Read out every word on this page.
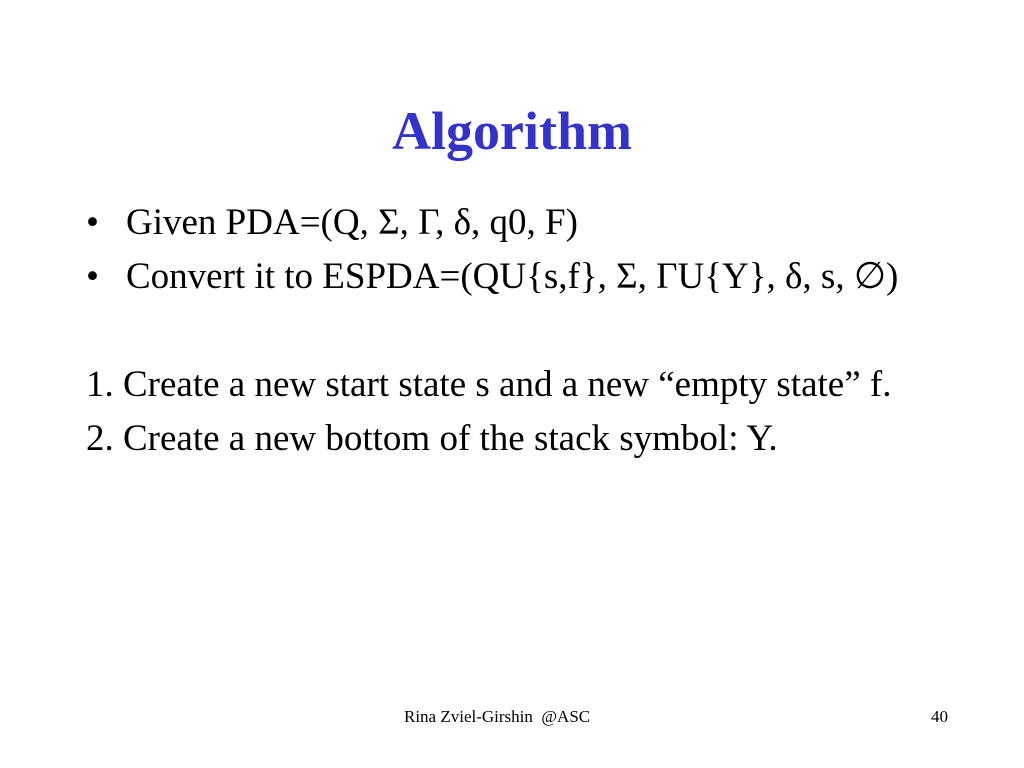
Algorithm
• Given PDA=(Q, Σ, Γ, δ, q0, F)
• Convert it to ESPDA=(QU{s,f}, Σ, ΓU{Y}, δ, s, ∅)
1. Create a new start state s and a new “empty state” f.
2. Create a new bottom of the stack symbol: Y.
Rina Zviel-Girshin  @ASC	40
